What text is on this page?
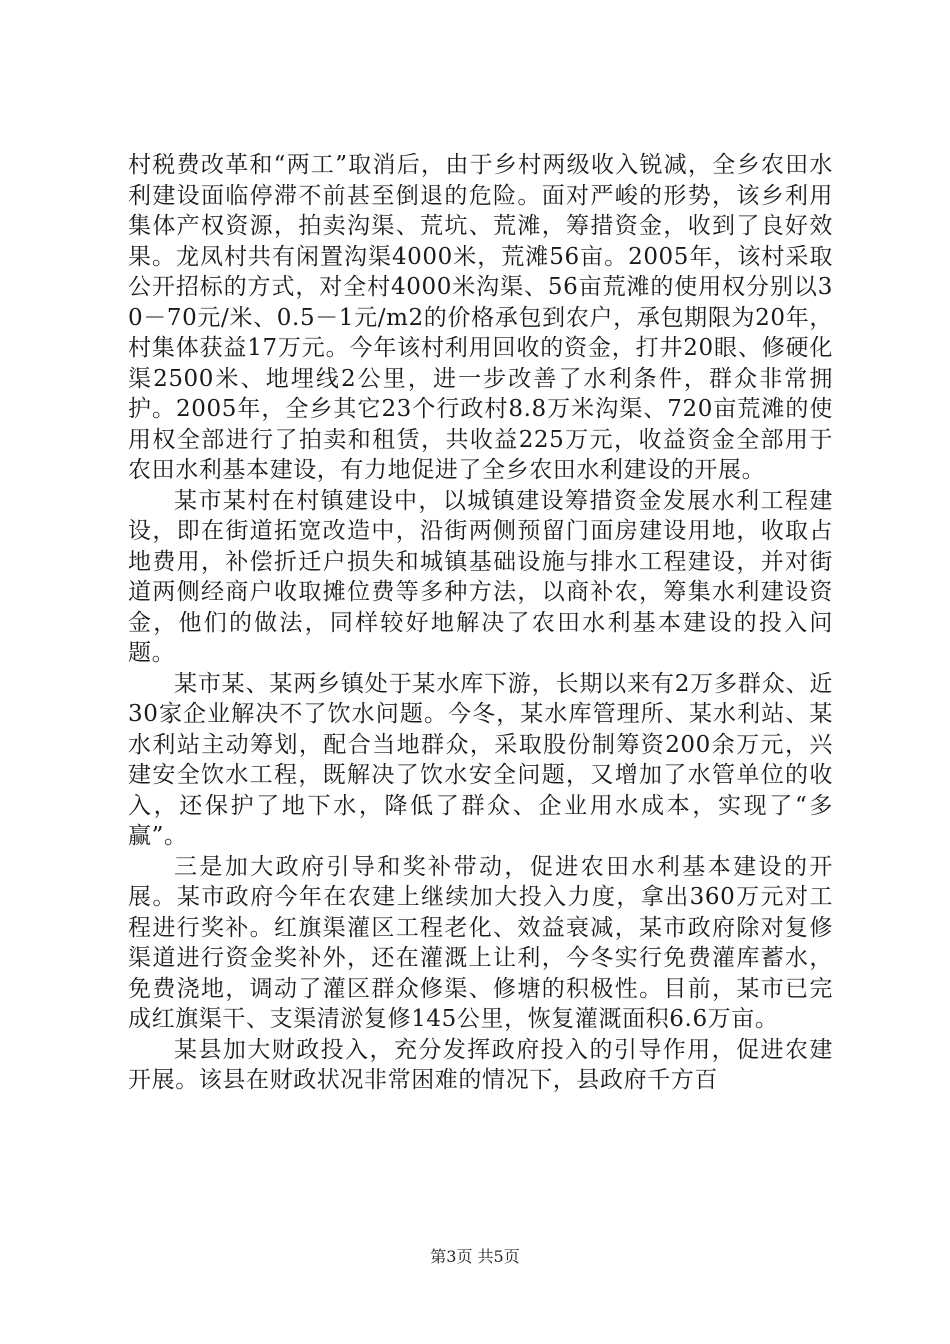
村税费改革和“两工”取消后，由于乡村两级收入锐减，全乡农田水利建设面临停滞不前甚至倒退的危险。面对严峻的形势，该乡利用集体产权资源，拍卖沟渠、荒坑、荒滩，筹措资金，收到了良好效果。龙凤村共有闲置沟渠4000米，荒滩56亩。2005年，该村采取公开招标的方式，对全村4000米沟渠、56亩荒滩的使用权分别以30－70元/米、0.5－1元/m2的价格承包到农户，承包期限为20年，村集体获益17万元。今年该村利用回收的资金，打井20眼、修硬化渠2500米、地埋线2公里，进一步改善了水利条件，群众非常拥护。2005年，全乡其它23个行政村8.8万米沟渠、720亩荒滩的使用权全部进行了拍卖和租赁，共收益225万元，收益资金全部用于农田水利基本建设，有力地促进了全乡农田水利建设的开展。

某市某村在村镇建设中，以城镇建设筹措资金发展水利工程建设，即在街道拓宽改造中，沿街两侧预留门面房建设用地，收取占地费用，补偿折迁户损失和城镇基础设施与排水工程建设，并对街道两侧经商户收取摊位费等多种方法，以商补农，筹集水利建设资金，他们的做法，同样较好地解决了农田水利基本建设的投入问题。

某市某、某两乡镇处于某水库下游，长期以来有2万多群众、近30家企业解决不了饮水问题。今冬，某水库管理所、某水利站、某水利站主动筹划，配合当地群众，采取股份制筹资200余万元，兴建安全饮水工程，既解决了饮水安全问题，又增加了水管单位的收入，还保护了地下水，降低了群众、企业用水成本，实现了“多赢”。

三是加大政府引导和奖补带动，促进农田水利基本建设的开展。某市政府今年在农建上继续加大投入力度，拿出360万元对工程进行奖补。红旗渠灌区工程老化、效益衰减，某市政府除对复修渠道进行资金奖补外，还在灌溉上让利，今冬实行免费灌库蓄水，免费浇地，调动了灌区群众修渠、修塘的积极性。目前，某市已完成红旗渠干、支渠清淤复修145公里，恢复灌溉面积6.6万亩。

某县加大财政投入，充分发挥政府投入的引导作用，促进农建开展。该县在财政状况非常困难的情况下，县政府千方百

第3页 共5页
